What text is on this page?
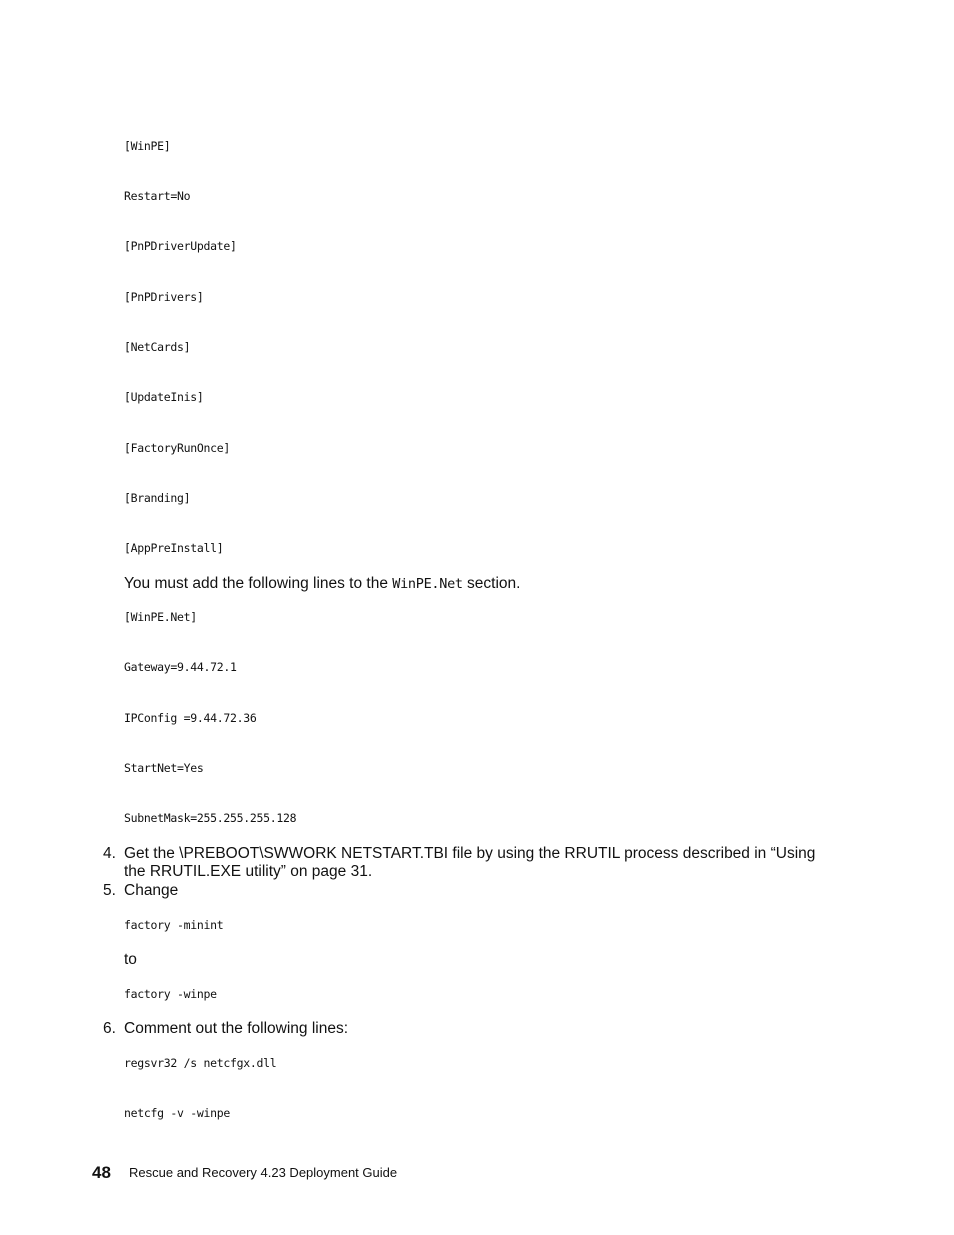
[WinPE]
Restart=No
[PnPDriverUpdate]
[PnPDrivers]
[NetCards]
[UpdateInis]
[FactoryRunOnce]
[Branding]
[AppPreInstall]
You must add the following lines to the WinPE.Net section.
[WinPE.Net]
Gateway=9.44.72.1
IPConfig =9.44.72.36
StartNet=Yes
SubnetMask=255.255.255.128
4. Get the \PREBOOT\SWWORK NETSTART.TBI file by using the RRUTIL process described in “Using the RRUTIL.EXE utility” on page 31.
5. Change
factory -minint
to
factory -winpe
6. Comment out the following lines:
regsvr32 /s netcfgx.dll
netcfg -v -winpe
48 Rescue and Recovery 4.23 Deployment Guide
